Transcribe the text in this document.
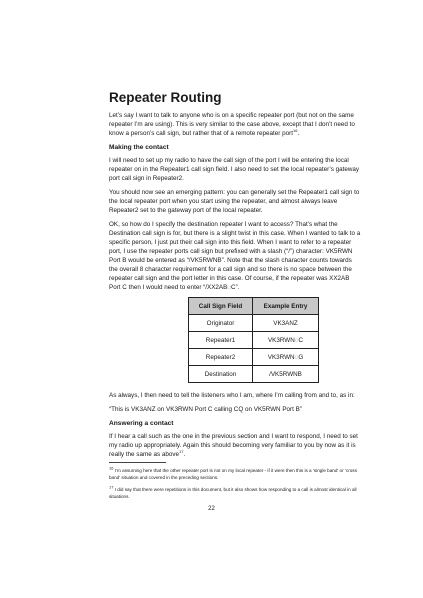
Repeater Routing

Let’s say I want to talk to anyone who is on a specific repeater port (but not on the same repeater I’m are using). This is very similar to the case above, except that I don’t need to know a person’s call sign, but rather that of a remote repeater port$^{16}$.

Making the contact

I will need to set up my radio to have the call sign of the port I will be entering the local repeater on in the Repeater1 call sign field. I also need to set the local repeater’s gateway port call sign in Repeater2.

You should now see an emerging pattern: you can generally set the Repeater1 call sign to the local repeater port when you start using the repeater, and almost always leave Repeater2 set to the gateway port of the local repeater.

OK, so how do I specify the destination repeater I want to access? That’s what the Destination call sign is for, but there is a slight twist in this case. When I wanted to talk to a specific person, I just put their call sign into this field. When I want to refer to a repeater port, I use the repeater ports call sign but prefixed with a slash (“/”) character: VK5RWN Port B would be entered as “/VK5RWNB”. Note that the slash character counts towards the overall 8 character requirement for a call sign and so there is no space between the repeater call sign and the port letter in this case. Of course, if the repeater was XX2AB Port C then I would need to enter “/XX2AB◌C”.

Call Sign Field	Example Entry
Originator	VK3ANZ
Repeater1	VK3RWN◌C
Repeater2	VK3RWN◌G
Destination	/VK5RWNB

As always, I then need to tell the listeners who I am, where I’m calling from and to, as in:

“This is VK3ANZ on VK3RWN Port C calling CQ on VK5RWN Port B”

Answering a contact

If I hear a call such as the one in the previous section and I want to respond, I need to set my radio up appropriately. Again this should becoming very familiar to you by now as it is really the same as above$^{17}$.

$^{16}$ I’m assuming here that the other repeater port is not on my local repeater - if it were then this is a ‘single band’ or ‘cross band’ situation and covered in the preceding sections.

$^{17}$ I did say that there were repetitions in this document, but it also shows how responding to a call is almost identical in all situations.

22
